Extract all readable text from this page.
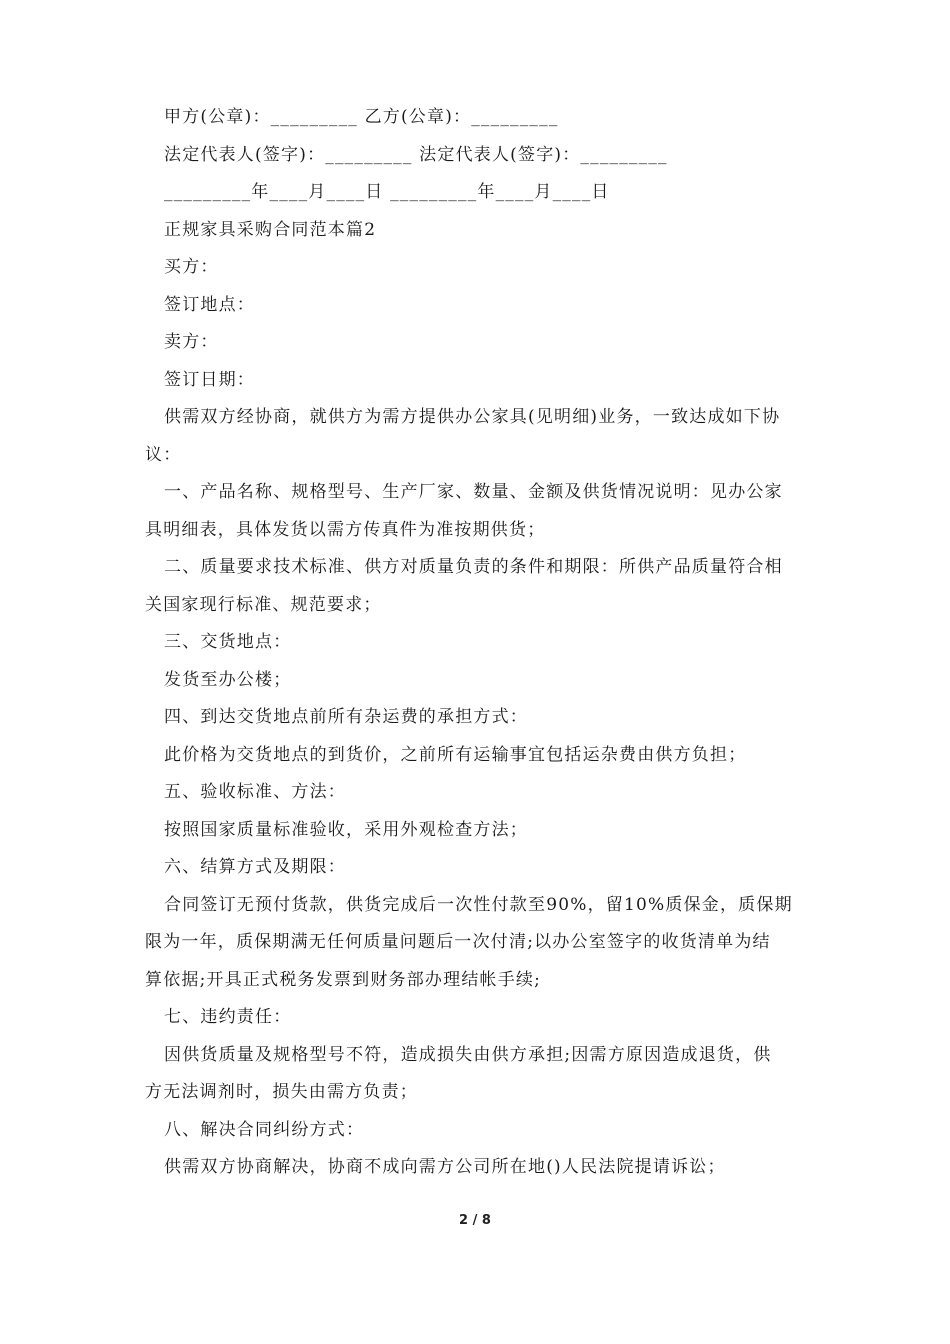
甲方(公章)：_________ 乙方(公章)：_________
法定代表人(签字)：_________ 法定代表人(签字)：_________
_________年____月____日 _________年____月____日
正规家具采购合同范本篇2
买方：
签订地点：
卖方：
签订日期：
供需双方经协商，就供方为需方提供办公家具(见明细)业务，一致达成如下协
议：
一、产品名称、规格型号、生产厂家、数量、金额及供货情况说明：见办公家
具明细表，具体发货以需方传真件为准按期供货；
二、质量要求技术标准、供方对质量负责的条件和期限：所供产品质量符合相
关国家现行标准、规范要求；
三、交货地点：
发货至办公楼；
四、到达交货地点前所有杂运费的承担方式：
此价格为交货地点的到货价，之前所有运输事宜包括运杂费由供方负担；
五、验收标准、方法：
按照国家质量标准验收，采用外观检查方法；
六、结算方式及期限：
合同签订无预付货款，供货完成后一次性付款至90%，留10%质保金，质保期
限为一年，质保期满无任何质量问题后一次付清;以办公室签字的收货清单为结
算依据;开具正式税务发票到财务部办理结帐手续;
七、违约责任：
因供货质量及规格型号不符，造成损失由供方承担;因需方原因造成退货，供
方无法调剂时，损失由需方负责；
八、解决合同纠纷方式：
供需双方协商解决，协商不成向需方公司所在地()人民法院提请诉讼；
2 / 8
